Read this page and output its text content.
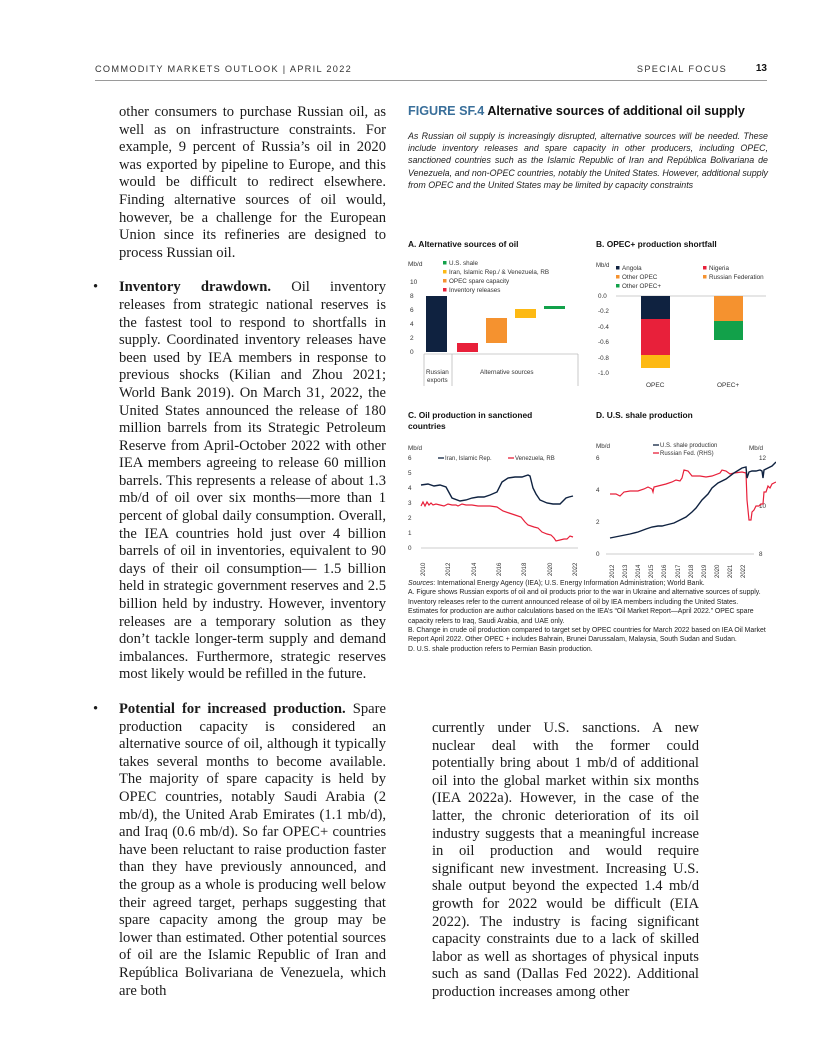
COMMODITY MARKETS OUTLOOK | APRIL 2022	SPECIAL FOCUS	13

other consumers to purchase Russian oil, as well as on infrastructure constraints. For example, 9 percent of Russia’s oil in 2020 was exported by pipeline to Europe, and this would be difficult to redirect elsewhere. Finding alternative sources of oil would, however, be a challenge for the European Union since its refineries are designed to process Russian oil.

• Inventory drawdown. Oil inventory releases from strategic national reserves is the fastest tool to respond to shortfalls in supply. Coordinated inventory releases have been used by IEA members in response to previous shocks (Kilian and Zhou 2021; World Bank 2019). On March 31, 2022, the United States announced the release of 180 million barrels from its Strategic Petroleum Reserve from April-October 2022 with other IEA members agreeing to release 60 million barrels. This represents a release of about 1.3 mb/d of oil over six months—more than 1 percent of global daily consumption. Overall, the IEA countries hold just over 4 billion barrels of oil in inventories, equivalent to 90 days of their oil consumption— 1.5 billion held in strategic government reserves and 2.5 billion held by industry. However, inventory releases are a temporary solution as they don’t tackle longer-term supply and demand imbalances. Furthermore, strategic reserves most likely would be refilled in the future.

• Potential for increased production. Spare production capacity is considered an alternative source of oil, although it typically takes several months to become available. The majority of spare capacity is held by OPEC countries, notably Saudi Arabia (2 mb/d), the United Arab Emirates (1.1 mb/d), and Iraq (0.6 mb/d). So far OPEC+ countries have been reluctant to raise production faster than they have previously announced, and the group as a whole is producing well below their agreed target, perhaps suggesting that spare capacity among the group may be lower than estimated. Other potential sources of oil are the Islamic Republic of Iran and República Bolivariana de Venezuela, which are both

FIGURE SF.4 Alternative sources of additional oil supply
As Russian oil supply is increasingly disrupted, alternative sources will be needed. These include inventory releases and spare capacity in other producers, including OPEC, sanctioned countries such as the Islamic Republic of Iran and República Bolivariana de Venezuela, and non-OPEC countries, notably the United States. However, additional supply from OPEC and the United States may be limited by capacity constraints
A. Alternative sources of oil
Mb/d
10
8
6
4
2
0
U.S. shale
Iran, Islamic Rep./ & Venezuela, RB
OPEC spare capacity
Inventory releases
Russian
exports
Alternative sources
B. OPEC+ production shortfall
Mb/d Angola	Nigeria
Other OPEC	Russian Federation
Other OPEC+
0.0
-0.2
-0.4
-0.6
-0.8
-1.0
OPEC	OPEC+
C. Oil production in sanctioned
countries
Mb/d
6
5
4
3
2
1
0
Iran, Islamic Rep.	Venezuela, RB
2010	2012	2014	2016	2018	2020	2022
D. U.S. shale production
Mb/d	Mb/d
U.S. shale production
Russian Fed. (RHS)
6
4
2
0
12
10
8
2012 2013 2014 2015 2016 2017 2018 2019 2020 2021 2022

Sources: International Energy Agency (IEA); U.S. Energy Information Administration; World Bank.

A. Figure shows Russian exports of oil and oil products prior to the war in Ukraine and alternative sources of supply. Inventory releases refer to the current announced release of oil by IEA members including the United States. Estimates for production are author calculations based on the IEA’s “Oil Market Report—April 2022.” OPEC spare capacity refers to Iraq, Saudi Arabia, and UAE only.

B. Change in crude oil production compared to target set by OPEC countries for March 2022 based on IEA Oil Market Report April 2022. Other OPEC + includes Bahrain, Brunei Darussalam, Malaysia, South Sudan and Sudan.

D. U.S. shale production refers to Permian Basin production.

currently under U.S. sanctions. A new nuclear deal with the former could potentially bring about 1 mb/d of additional oil into the global market within six months (IEA 2022a). However, in the case of the latter, the chronic deterioration of its oil industry suggests that a meaningful increase in oil production and would require significant new investment. Increasing U.S. shale output beyond the expected 1.4 mb/d growth for 2022 would be difficult (EIA 2022). The industry is facing significant capacity constraints due to a lack of skilled labor as well as shortages of physical inputs such as sand (Dallas Fed 2022). Additional production increases among other
